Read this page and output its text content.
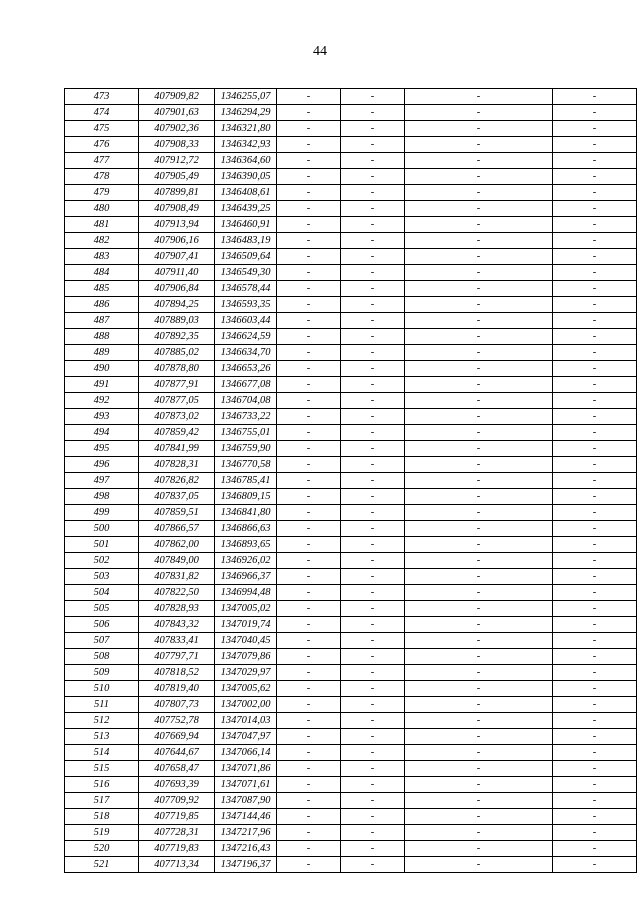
44
473	407909,82	1346255,07	-	-	-	-
474	407901,63	1346294,29	-	-	-	-
475	407902,36	1346321,80	-	-	-	-
476	407908,33	1346342,93	-	-	-	-
477	407912,72	1346364,60	-	-	-	-
478	407905,49	1346390,05	-	-	-	-
479	407899,81	1346408,61	-	-	-	-
480	407908,49	1346439,25	-	-	-	-
481	407913,94	1346460,91	-	-	-	-
482	407906,16	1346483,19	-	-	-	-
483	407907,41	1346509,64	-	-	-	-
484	407911,40	1346549,30	-	-	-	-
485	407906,84	1346578,44	-	-	-	-
486	407894,25	1346593,35	-	-	-	-
487	407889,03	1346603,44	-	-	-	-
488	407892,35	1346624,59	-	-	-	-
489	407885,02	1346634,70	-	-	-	-
490	407878,80	1346653,26	-	-	-	-
491	407877,91	1346677,08	-	-	-	-
492	407877,05	1346704,08	-	-	-	-
493	407873,02	1346733,22	-	-	-	-
494	407859,42	1346755,01	-	-	-	-
495	407841,99	1346759,90	-	-	-	-
496	407828,31	1346770,58	-	-	-	-
497	407826,82	1346785,41	-	-	-	-
498	407837,05	1346809,15	-	-	-	-
499	407859,51	1346841,80	-	-	-	-
500	407866,57	1346866,63	-	-	-	-
501	407862,00	1346893,65	-	-	-	-
502	407849,00	1346926,02	-	-	-	-
503	407831,82	1346966,37	-	-	-	-
504	407822,50	1346994,48	-	-	-	-
505	407828,93	1347005,02	-	-	-	-
506	407843,32	1347019,74	-	-	-	-
507	407833,41	1347040,45	-	-	-	-
508	407797,71	1347079,86	-	-	-	-
509	407818,52	1347029,97	-	-	-	-
510	407819,40	1347005,62	-	-	-	-
511	407807,73	1347002,00	-	-	-	-
512	407752,78	1347014,03	-	-	-	-
513	407669,94	1347047,97	-	-	-	-
514	407644,67	1347066,14	-	-	-	-
515	407658,47	1347071,86	-	-	-	-
516	407693,39	1347071,61	-	-	-	-
517	407709,92	1347087,90	-	-	-	-
518	407719,85	1347144,46	-	-	-	-
519	407728,31	1347217,96	-	-	-	-
520	407719,83	1347216,43	-	-	-	-
521	407713,34	1347196,37	-	-	-	-
